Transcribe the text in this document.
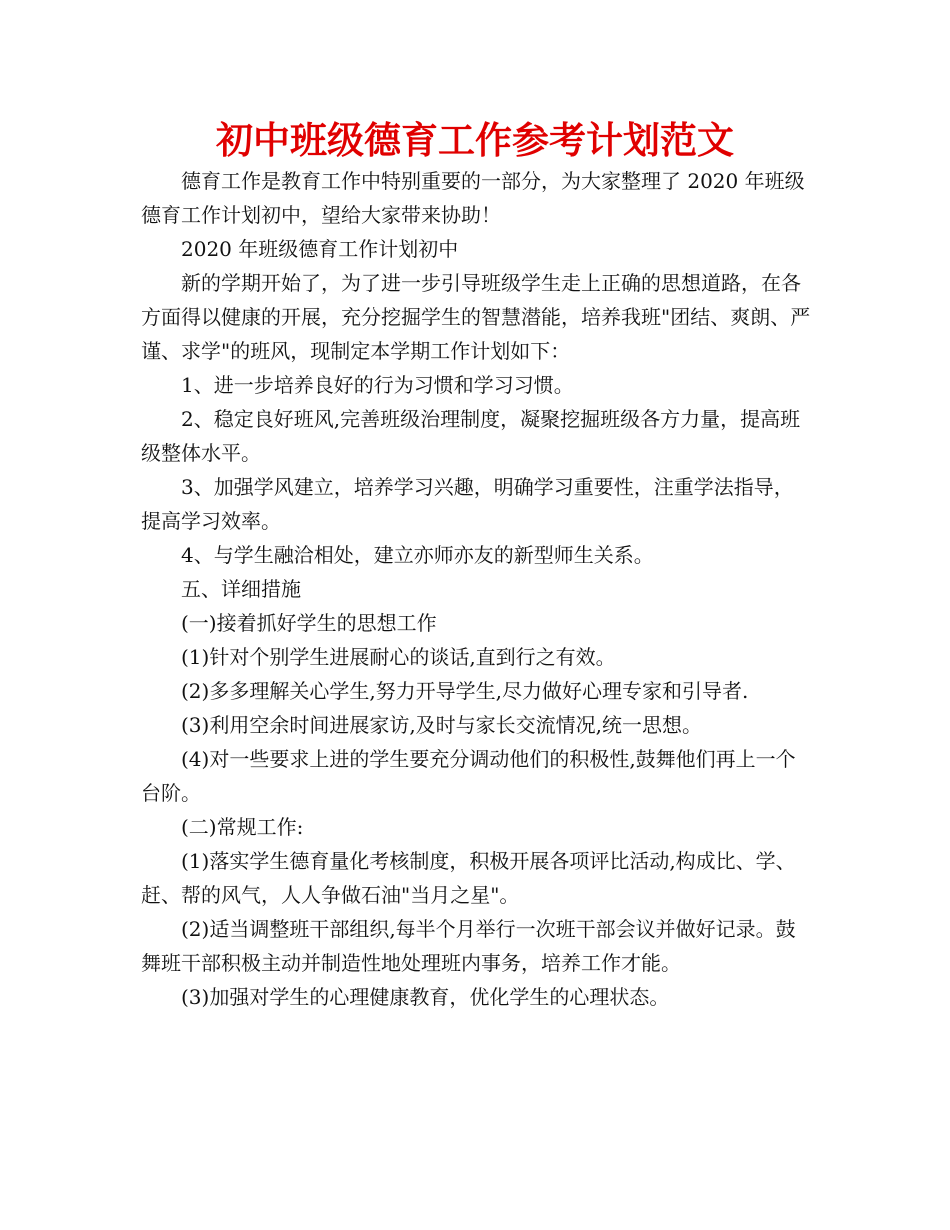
初中班级德育工作参考计划范文

德育工作是教育工作中特别重要的一部分，为大家整理了 2020 年班级德育工作计划初中，望给大家带来协助！

2020 年班级德育工作计划初中

新的学期开始了，为了进一步引导班级学生走上正确的思想道路，在各方面得以健康的开展，充分挖掘学生的智慧潜能，培养我班"团结、爽朗、严谨、求学"的班风，现制定本学期工作计划如下：

1、进一步培养良好的行为习惯和学习习惯。

2、稳定良好班风,完善班级治理制度，凝聚挖掘班级各方力量，提高班级整体水平。

3、加强学风建立，培养学习兴趣，明确学习重要性，注重学法指导，提高学习效率。

4、与学生融洽相处，建立亦师亦友的新型师生关系。

五、详细措施

(一)接着抓好学生的思想工作

(1)针对个别学生进展耐心的谈话,直到行之有效。

(2)多多理解关心学生,努力开导学生,尽力做好心理专家和引导者.

(3)利用空余时间进展家访,及时与家长交流情况,统一思想。

(4)对一些要求上进的学生要充分调动他们的积极性,鼓舞他们再上一个台阶。

(二)常规工作:

(1)落实学生德育量化考核制度，积极开展各项评比活动,构成比、学、赶、帮的风气，人人争做石油"当月之星"。

(2)适当调整班干部组织,每半个月举行一次班干部会议并做好记录。鼓舞班干部积极主动并制造性地处理班内事务，培养工作才能。

(3)加强对学生的心理健康教育，优化学生的心理状态。
